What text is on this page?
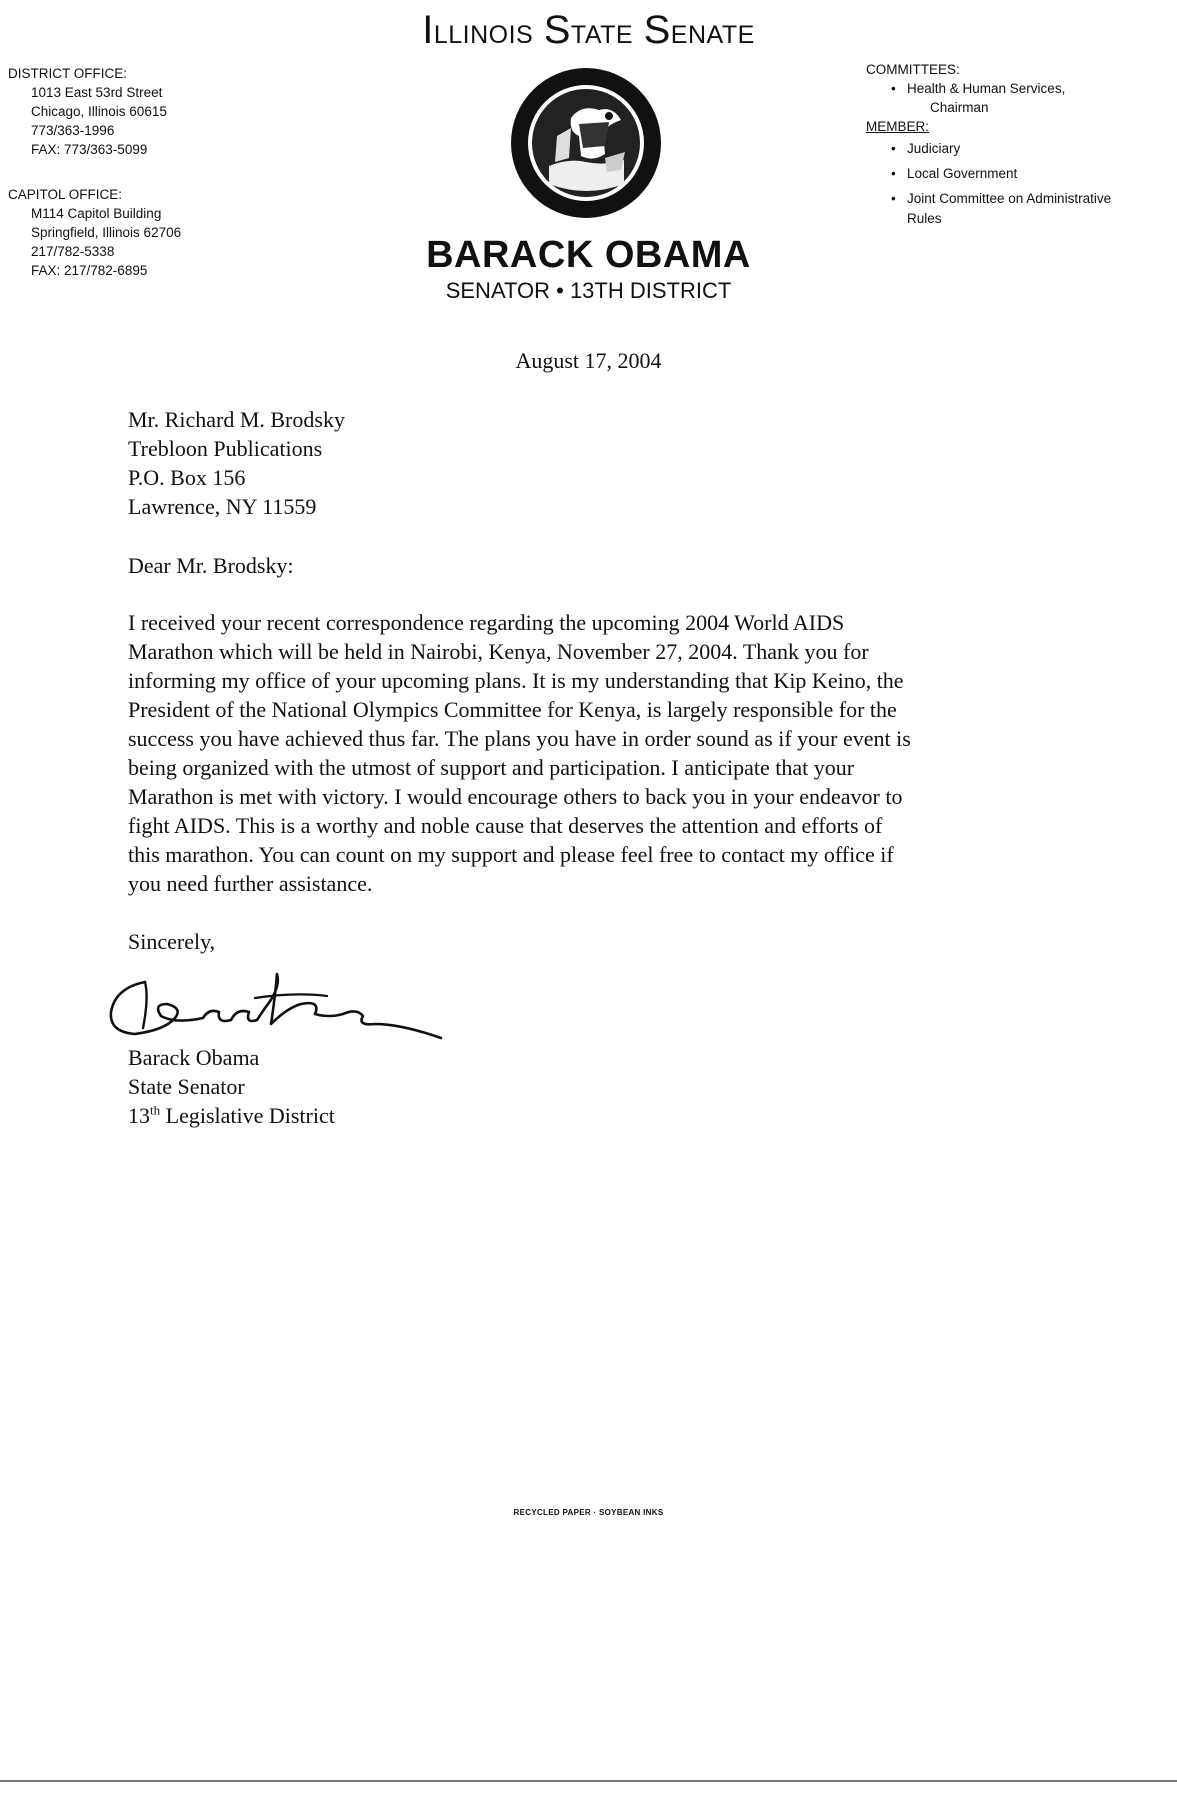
Illinois State Senate
DISTRICT OFFICE:
1013 East 53rd Street
Chicago, Illinois 60615
773/363-1996
FAX: 773/363-5099
CAPITOL OFFICE:
M114 Capitol Building
Springfield, Illinois 62706
217/782-5338
FAX: 217/782-6895
COMMITTEES:
• Health & Human Services,
Chairman
MEMBER:
• Judiciary
• Local Government
• Joint Committee on Administrative
Rules
BARACK OBAMA
SENATOR • 13TH DISTRICT
August 17, 2004
Mr. Richard M. Brodsky
Trebloon Publications
P.O. Box 156
Lawrence, NY 11559
Dear Mr. Brodsky:
I received your recent correspondence regarding the upcoming 2004 World AIDS
Marathon which will be held in Nairobi, Kenya, November 27, 2004. Thank you for
informing my office of your upcoming plans. It is my understanding that Kip Keino, the
President of the National Olympics Committee for Kenya, is largely responsible for the
success you have achieved thus far. The plans you have in order sound as if your event is
being organized with the utmost of support and participation. I anticipate that your
Marathon is met with victory. I would encourage others to back you in your endeavor to
fight AIDS. This is a worthy and noble cause that deserves the attention and efforts of
this marathon. You can count on my support and please feel free to contact my office if
you need further assistance.
Sincerely,
Barack Obama
State Senator
13th Legislative District
RECYCLED PAPER · SOYBEAN INKS
